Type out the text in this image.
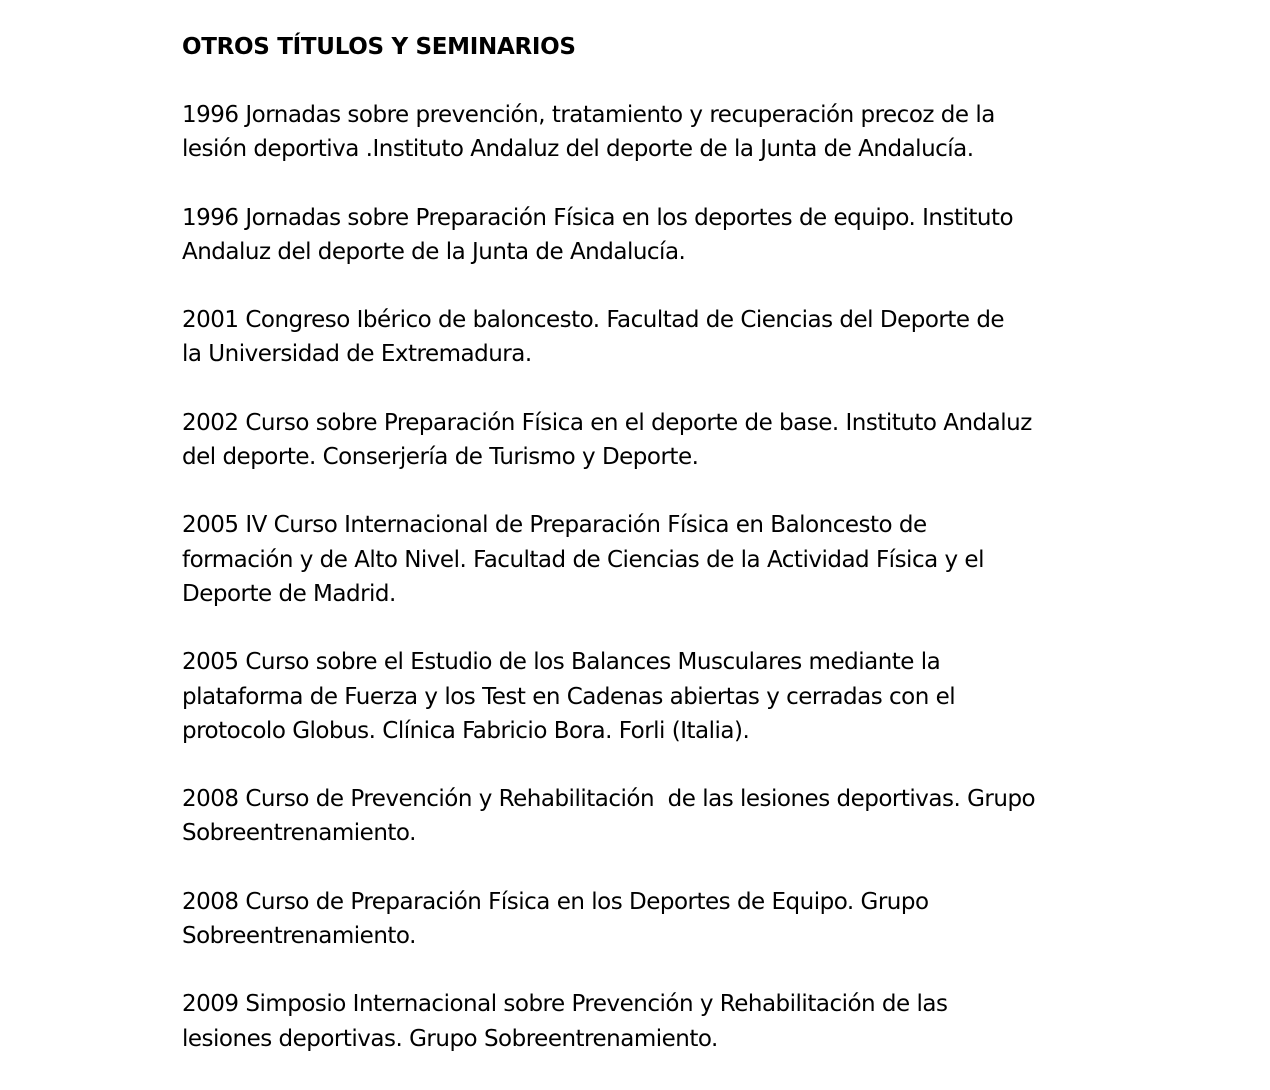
OTROS TÍTULOS Y SEMINARIOS

1996 Jornadas sobre prevención, tratamiento y recuperación precoz de la
lesión deportiva .Instituto Andaluz del deporte de la Junta de Andalucía.

1996 Jornadas sobre Preparación Física en los deportes de equipo. Instituto
Andaluz del deporte de la Junta de Andalucía.

2001 Congreso Ibérico de baloncesto. Facultad de Ciencias del Deporte de
la Universidad de Extremadura.

2002 Curso sobre Preparación Física en el deporte de base. Instituto Andaluz
del deporte. Conserjería de Turismo y Deporte.

2005 IV Curso Internacional de Preparación Física en Baloncesto de
formación y de Alto Nivel. Facultad de Ciencias de la Actividad Física y el
Deporte de Madrid.

2005 Curso sobre el Estudio de los Balances Musculares mediante la
plataforma de Fuerza y los Test en Cadenas abiertas y cerradas con el
protocolo Globus. Clínica Fabricio Bora. Forli (Italia).

2008 Curso de Prevención y Rehabilitación  de las lesiones deportivas. Grupo
Sobreentrenamiento.

2008 Curso de Preparación Física en los Deportes de Equipo. Grupo
Sobreentrenamiento.

2009 Simposio Internacional sobre Prevención y Rehabilitación de las
lesiones deportivas. Grupo Sobreentrenamiento.
